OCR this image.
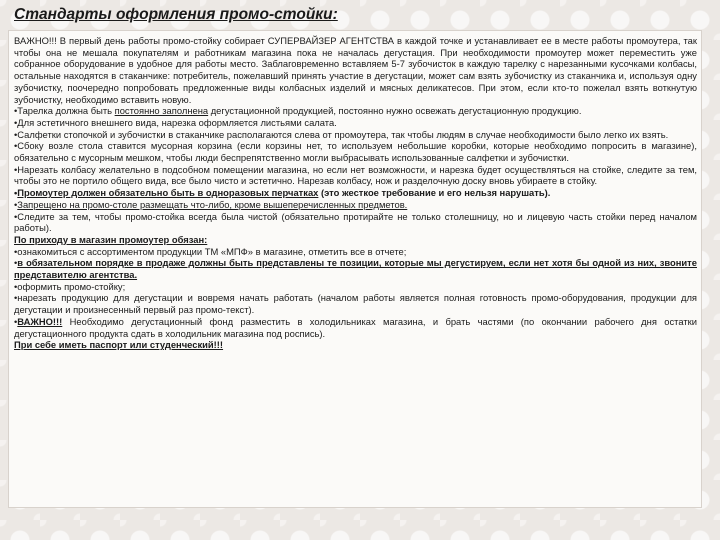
Стандарты оформления промо-стойки:

ВАЖНО!!! В первый день работы промо-стойку собирает СУПЕРВАЙЗЕР АГЕНТСТВА в каждой точке и устанавливает ее в месте работы промоутера, так чтобы она не мешала покупателям и работникам магазина пока не началась дегустация. При необходимости промоутер может переместить уже собранное оборудование в удобное для работы место. Заблаговременно вставляем 5-7 зубочисток в каждую тарелку с нарезанными кусочками колбасы, остальные находятся в стаканчике: потребитель, пожелавший принять участие в дегустации, может сам взять зубочистку из стаканчика и, используя одну зубочистку, поочередно попробовать предложенные виды колбасных изделий и мясных деликатесов. При этом, если кто-то пожелал взять воткнутую зубочистку, необходимо вставить новую.

•Тарелка должна быть постоянно заполнена дегустационной продукцией, постоянно нужно освежать дегустационную продукцию.

•Для эстетичного внешнего вида, нарезка оформляется листьями салата.

•Салфетки стопочкой и зубочистки в стаканчике располагаются слева от промоутера, так чтобы людям в случае необходимости было легко их взять.

•Сбоку возле стола ставится мусорная корзина (если корзины нет, то используем небольшие коробки, которые необходимо попросить в магазине), обязательно с мусорным мешком, чтобы люди беспрепятственно могли выбрасывать использованные салфетки и зубочистки.

•Нарезать колбасу желательно в подсобном помещении магазина, но если нет возможности, и нарезка будет осуществляться на стойке, следите за тем, чтобы это не портило общего вида, все было чисто и эстетично. Нарезав колбасу, нож и разделочную доску вновь убираете в стойку.

•Промоутер должен обязательно быть в одноразовых перчатках (это жесткое требование и его нельзя нарушать).

•Запрещено на промо-столе размещать что-либо, кроме вышеперечисленных предметов.

•Следите за тем, чтобы промо-стойка всегда была чистой (обязательно протирайте не только столешницу, но и лицевую часть стойки перед началом работы).

По приходу в магазин промоутер обязан:

•ознакомиться с ассортиментом продукции ТМ «МПФ» в магазине, отметить все в отчете;

•в обязательном порядке в продаже должны быть представлены те позиции, которые мы дегустируем, если нет хотя бы одной из них, звоните представителю агентства.

•оформить промо-стойку;

•нарезать продукцию для дегустации и вовремя начать работать (началом работы является полная готовность промо-оборудования, продукции для дегустации и произнесенный первый раз промо-текст).

•ВАЖНО!!! Необходимо дегустационный фонд разместить в холодильниках магазина, и брать частями (по окончании рабочего дня остатки дегустационного продукта сдать в холодильник магазина под роспись).

При себе иметь паспорт или студенческий!!!
